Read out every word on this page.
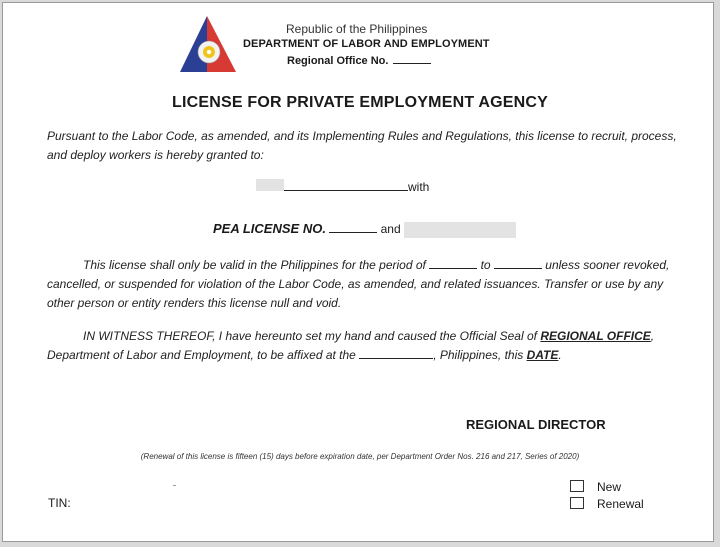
Republic of the Philippines
DEPARTMENT OF LABOR AND EMPLOYMENT
Regional Office No.
LICENSE FOR PRIVATE EMPLOYMENT AGENCY
Pursuant to the Labor Code, as amended, and its Implementing Rules and Regulations, this license to recruit, process, and deploy workers is hereby granted to:
with
PEA LICENSE NO.	and
This license shall only be valid in the Philippines for the period of	to	unless sooner revoked, cancelled, or suspended for violation of the Labor Code, as amended, and related issuances. Transfer or use by any other person or entity renders this license null and void.
IN WITNESS THEREOF, I have hereunto set my hand and caused the Official Seal of REGIONAL OFFICE, Department of Labor and Employment, to be affixed at the	, Philippines, this DATE.
REGIONAL DIRECTOR
(Renewal of this license is fifteen (15) days before expiration date, per Department Order Nos. 216 and 217, Series of 2020)
TIN:
New
Renewal
